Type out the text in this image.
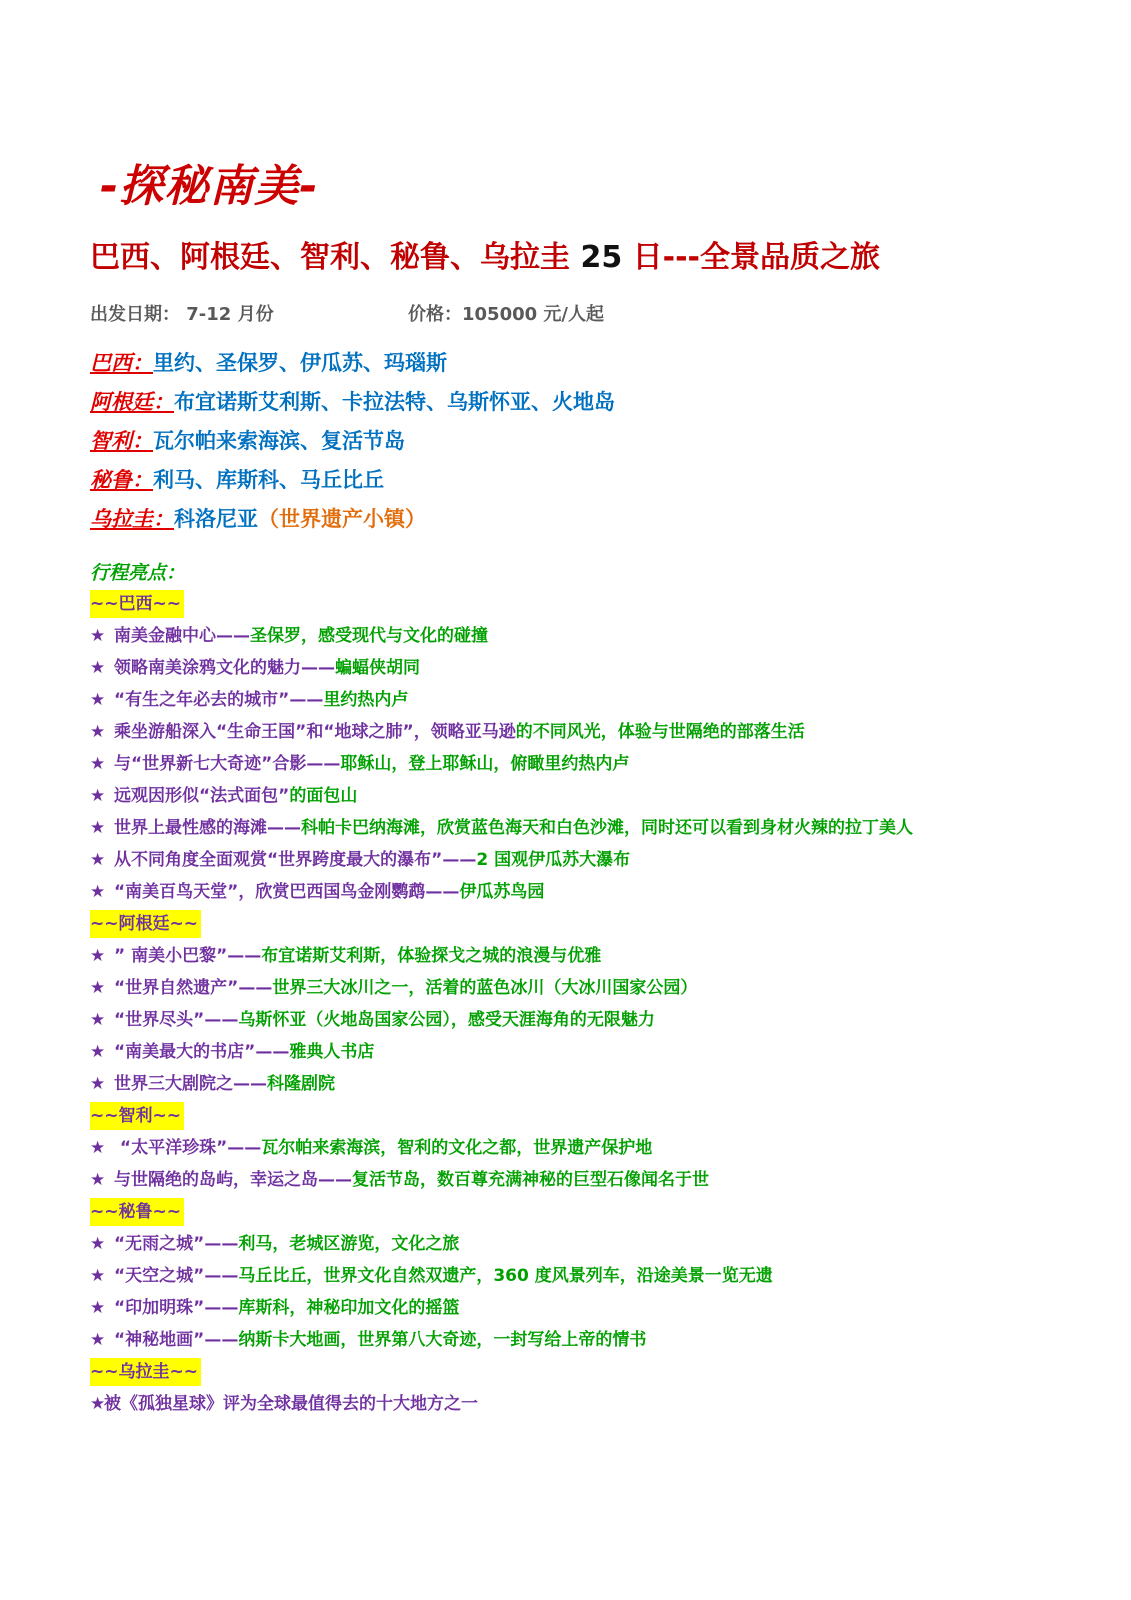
-探秘南美-
巴西、阿根廷、智利、秘鲁、乌拉圭 25 日---全景品质之旅
出发日期： 7-12 月份	价格：105000 元/人起
巴西：里约、圣保罗、伊瓜苏、玛瑙斯
阿根廷：布宜诺斯艾利斯、卡拉法特、乌斯怀亚、火地岛
智利：瓦尔帕来索海滨、复活节岛
秘鲁：利马、库斯科、马丘比丘
乌拉圭：科洛尼亚（世界遗产小镇）
行程亮点：
~~巴西~~
★ 南美金融中心——圣保罗，感受现代与文化的碰撞
★ 领略南美涂鸦文化的魅力——蝙蝠侠胡同
★ “有生之年必去的城市”——里约热内卢
★ 乘坐游船深入“生命王国”和“地球之肺”，领略亚马逊的不同风光，体验与世隔绝的部落生活
★ 与“世界新七大奇迹”合影——耶稣山，登上耶稣山，俯瞰里约热内卢
★ 远观因形似“法式面包”的面包山
★ 世界上最性感的海滩——科帕卡巴纳海滩，欣赏蓝色海天和白色沙滩，同时还可以看到身材火辣的拉丁美人
★ 从不同角度全面观赏“世界跨度最大的瀑布”——2 国观伊瓜苏大瀑布
★ “南美百鸟天堂”，欣赏巴西国鸟金刚鹦鹉——伊瓜苏鸟园
~~阿根廷~~
★ ” 南美小巴黎”——布宜诺斯艾利斯，体验探戈之城的浪漫与优雅
★ “世界自然遗产”——世界三大冰川之一，活着的蓝色冰川（大冰川国家公园）
★ “世界尽头”——乌斯怀亚（火地岛国家公园），感受天涯海角的无限魅力
★ “南美最大的书店”——雅典人书店
★ 世界三大剧院之——科隆剧院
~~智利~~
★ “太平洋珍珠”——瓦尔帕来索海滨，智利的文化之都，世界遗产保护地
★ 与世隔绝的岛屿，幸运之岛——复活节岛，数百尊充满神秘的巨型石像闻名于世
~~秘鲁~~
★ “无雨之城”——利马，老城区游览，文化之旅
★ “天空之城”——马丘比丘，世界文化自然双遗产，360 度风景列车，沿途美景一览无遗
★ “印加明珠”——库斯科，神秘印加文化的摇篮
★ “神秘地画”——纳斯卡大地画，世界第八大奇迹，一封写给上帝的情书
~~乌拉圭~~
★被《孤独星球》评为全球最值得去的十大地方之一
